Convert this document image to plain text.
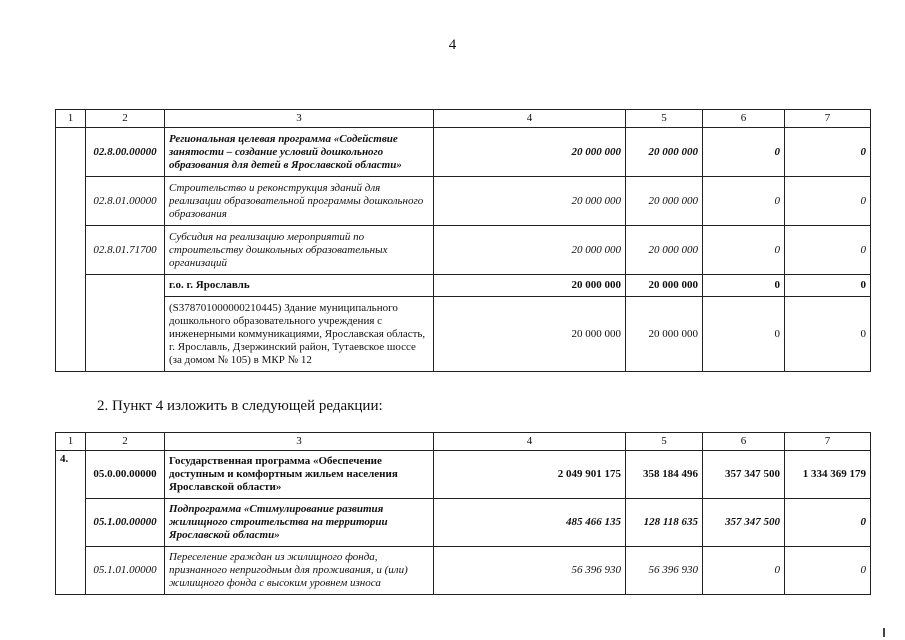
4
1	2	3	4	5	6	7
	02.8.00.00000	Региональная целевая программа «Содействие занятости – создание условий дошкольного образования для детей в Ярославской области»	20 000 000	20 000 000	0	0
	02.8.01.00000	Строительство и реконструкция зданий для реализации образовательной программы дошкольного образования	20 000 000	20 000 000	0	0
	02.8.01.71700	Субсидия на реализацию мероприятий по строительству дошкольных образовательных организаций	20 000 000	20 000 000	0	0
		г.о. г. Ярославль	20 000 000	20 000 000	0	0
		(S378701000000210445) Здание муниципального дошкольного образовательного учреждения с инженерными коммуникациями, Ярославская область, г. Ярославль, Дзержинский район, Тутаевское шоссе (за домом № 105) в МКР № 12	20 000 000	20 000 000	0	0
2. Пункт 4 изложить в следующей редакции:
1	2	3	4	5	6	7
4.	05.0.00.00000	Государственная программа «Обеспечение доступным и комфортным жильем населения Ярославской области»	2 049 901 175	358 184 496	357 347 500	1 334 369 179
	05.1.00.00000	Подпрограмма «Стимулирование развития жилищного строительства на территории Ярославской области»	485 466 135	128 118 635	357 347 500	0
	05.1.01.00000	Переселение граждан из жилищного фонда, признанного непригодным для проживания, и (или) жилищного фонда с высоким уровнем износа	56 396 930	56 396 930	0	0
